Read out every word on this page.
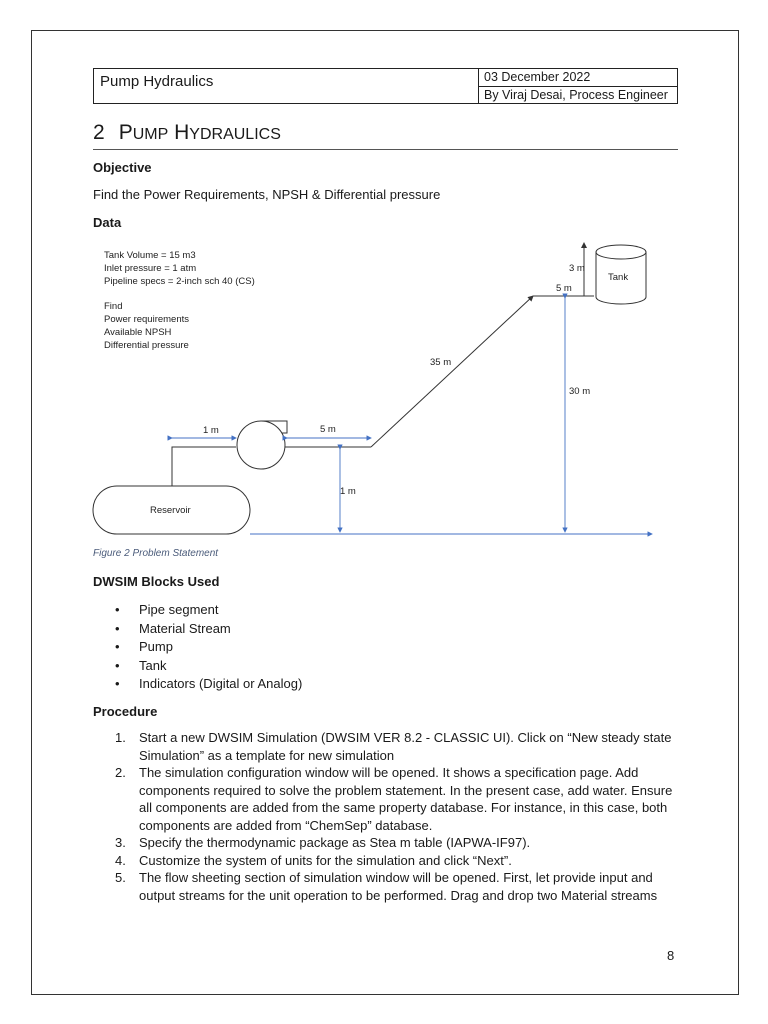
Pump Hydraulics	03 December 2022
By Viraj Desai, Process Engineer
2 PUMP HYDRAULICS
Objective
Find the Power Requirements, NPSH & Differential pressure
Data
Tank Volume = 15 m3
Inlet pressure = 1 atm
Pipeline specs = 2-inch sch 40 (CS)
Find
Power requirements
Available NPSH
Differential pressure
Tank
Reservoir
3 m
5 m
35 m
30 m
1 m	5 m
1 m
Figure 2 Problem Statement
DWSIM Blocks Used
• Pipe segment
• Material Stream
• Pump
• Tank
• Indicators (Digital or Analog)
Procedure
1. Start a new DWSIM Simulation (DWSIM VER 8.2 - CLASSIC UI). Click on “New steady state Simulation” as a template for new simulation
2. The simulation configuration window will be opened. It shows a specification page. Add components required to solve the problem statement. In the present case, add water. Ensure all components are added from the same property database. For instance, in this case, both components are added from “ChemSep” database.
3. Specify the thermodynamic package as Stea m table (IAPWA-IF97).
4. Customize the system of units for the simulation and click “Next”.
5. The flow sheeting section of simulation window will be opened. First, let provide input and output streams for the unit operation to be performed. Drag and drop two Material streams
8
